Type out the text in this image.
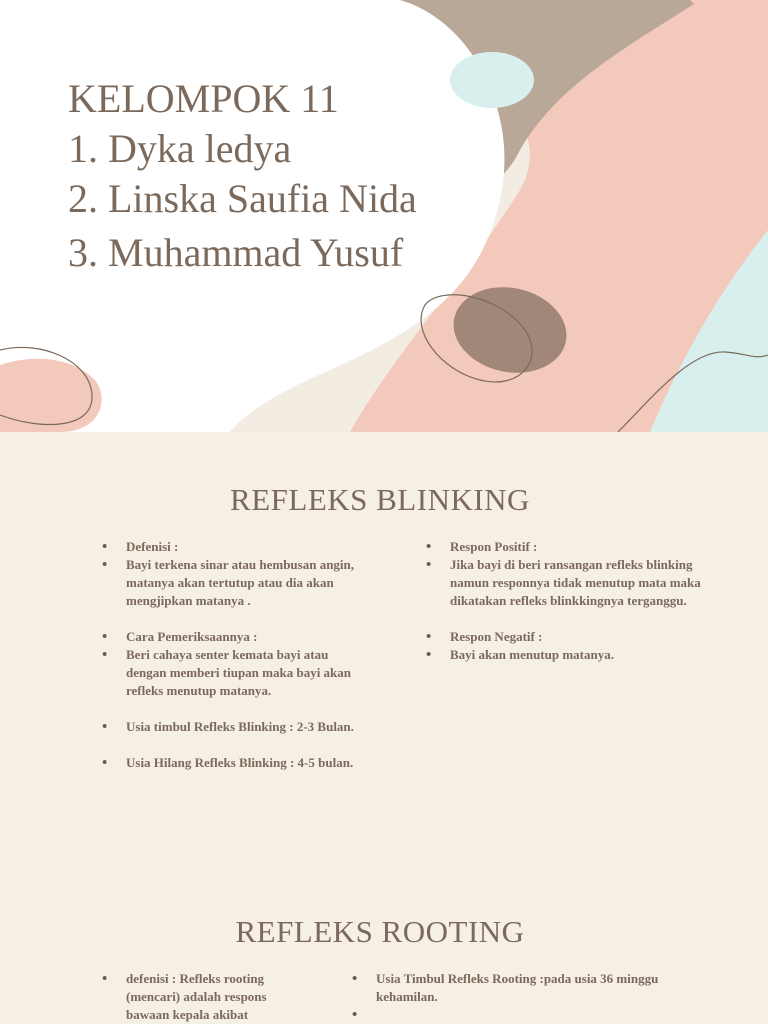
KELOMPOK 11
1. Dyka ledya
2. Linska Saufia Nida
3. Muhammad Yusuf
REFLEKS BLINKING
• Defenisi :
• Bayi terkena sinar atau hembusan angin, matanya akan tertutup atau dia akan mengjipkan matanya .
• Cara Pemeriksaannya :
• Beri cahaya senter kemata bayi atau dengan memberi tiupan maka bayi akan refleks menutup matanya.
• Usia timbul Refleks Blinking : 2-3 Bulan.
• Usia Hilang Refleks Blinking : 4-5 bulan.
• Respon Positif :
• Jika bayi di beri ransangan refleks blinking namun responnya tidak menutup mata maka dikatakan refleks blinkkingnya terganggu.
• Respon Negatif :
• Bayi akan menutup matanya.
REFLEKS ROOTING
• defenisi : Refleks rooting (mencari) adalah respons bawaan kepala akibat
• Usia Timbul Refleks Rooting :pada usia 36 minggu kehamilan.
